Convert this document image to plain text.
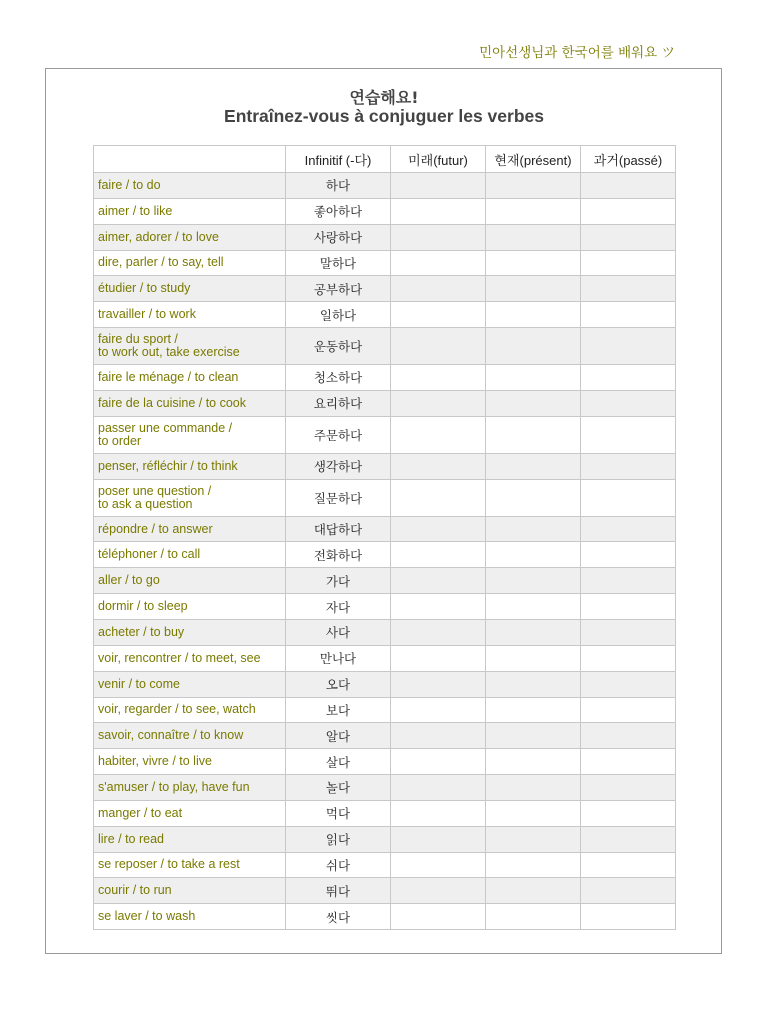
민아선생님과 한국어를 배워요 ツ
연습해요!
Entraînez-vous à conjuguer les verbes
	Infinitif (-다)	미래(futur)	현재(présent)	과거(passé)
faire / to do	하다			
aimer / to like	좋아하다			
aimer, adorer / to love	사랑하다			
dire, parler / to say, tell	말하다			
étudier / to study	공부하다			
travailler / to work	일하다			

faire du sport /
to work out, take exercise	운동하다			
faire le ménage / to clean	청소하다			
faire de la cuisine / to cook	요리하다			

passer une commande /
to order	주문하다			
penser, réfléchir / to think	생각하다			

poser une question /
to ask a question	질문하다			
répondre / to answer	대답하다			
téléphoner / to call	전화하다			
aller / to go	가다			
dormir / to sleep	자다			
acheter / to buy	사다			
voir, rencontrer / to meet, see	만나다			
venir / to come	오다			
voir, regarder / to see, watch	보다			
savoir, connaître / to know	알다			
habiter, vivre / to live	살다			
s'amuser / to play, have fun	놀다			
manger / to eat	먹다			
lire / to read	읽다			
se reposer / to take a rest	쉬다			
courir / to run	뛰다			
se laver / to wash	씻다			
